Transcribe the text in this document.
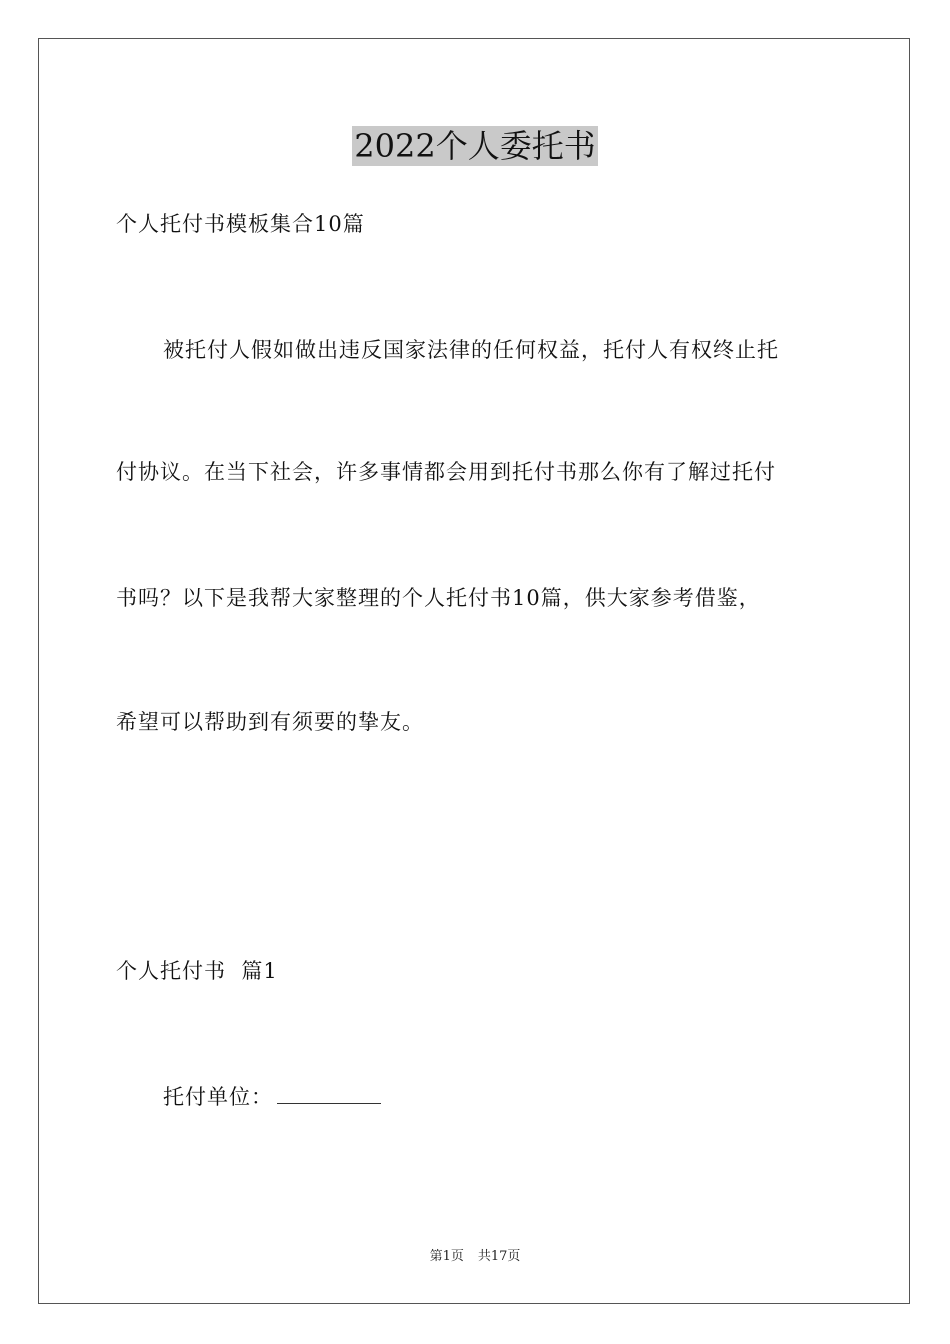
2022个人委托书
个人托付书模板集合10篇
被托付人假如做出违反国家法律的任何权益，托付人有权终止托
付协议。在当下社会，许多事情都会用到托付书那么你有了解过托付
书吗？以下是我帮大家整理的个人托付书10篇，供大家参考借鉴，
希望可以帮助到有须要的挚友。
个人托付书  篇1
托付单位：
第1页 共17页
